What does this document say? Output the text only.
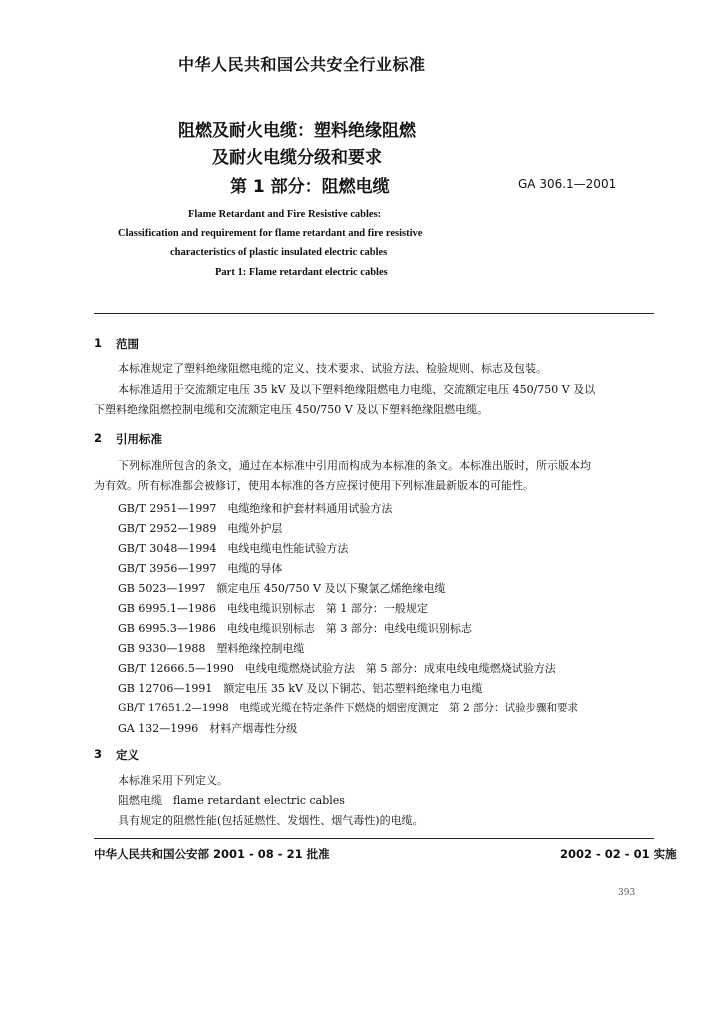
中华人民共和国公共安全行业标准
阻燃及耐火电缆：塑料绝缘阻燃
及耐火电缆分级和要求
第 1 部分：阻燃电缆	GA 306.1—2001
Flame Retardant and Fire Resistive cables:
Classification and requirement for flame retardant and fire resistive
characteristics of plastic insulated electric cables
Part 1: Flame retardant electric cables
1 范围
本标准规定了塑料绝缘阻燃电缆的定义、技术要求、试验方法、检验规则、标志及包装。
本标准适用于交流额定电压 35 kV 及以下塑料绝缘阻燃电力电缆、交流额定电压 450/750 V 及以
下塑料绝缘阻燃控制电缆和交流额定电压 450/750 V 及以下塑料绝缘阻燃电缆。
2 引用标准
下列标准所包含的条文，通过在本标准中引用而构成为本标准的条文。本标准出版时，所示版本均
为有效。所有标准都会被修订，使用本标准的各方应探讨使用下列标准最新版本的可能性。
GB/T 2951—1997　电缆绝缘和护套材料通用试验方法
GB/T 2952—1989　电缆外护层
GB/T 3048—1994　电线电缆电性能试验方法
GB/T 3956—1997　电缆的导体
GB 5023—1997　额定电压 450/750 V 及以下聚氯乙烯绝缘电缆
GB 6995.1—1986　电线电缆识别标志　第 1 部分：一般规定
GB 6995.3—1986　电线电缆识别标志　第 3 部分：电线电缆识别标志
GB 9330—1988　塑料绝缘控制电缆
GB/T 12666.5—1990　电线电缆燃烧试验方法　第 5 部分：成束电线电缆燃烧试验方法
GB 12706—1991　额定电压 35 kV 及以下铜芯、铝芯塑料绝缘电力电缆
GB/T 17651.2—1998　电缆或光缆在特定条件下燃烧的烟密度测定　第 2 部分：试验步骤和要求
GA 132—1996　材料产烟毒性分级
3 定义
本标准采用下列定义。
阻燃电缆　flame retardant electric cables
具有规定的阻燃性能(包括延燃性、发烟性、烟气毒性)的电缆。
中华人民共和国公安部 2001 - 08 - 21 批准	2002 - 02 - 01 实施
393
